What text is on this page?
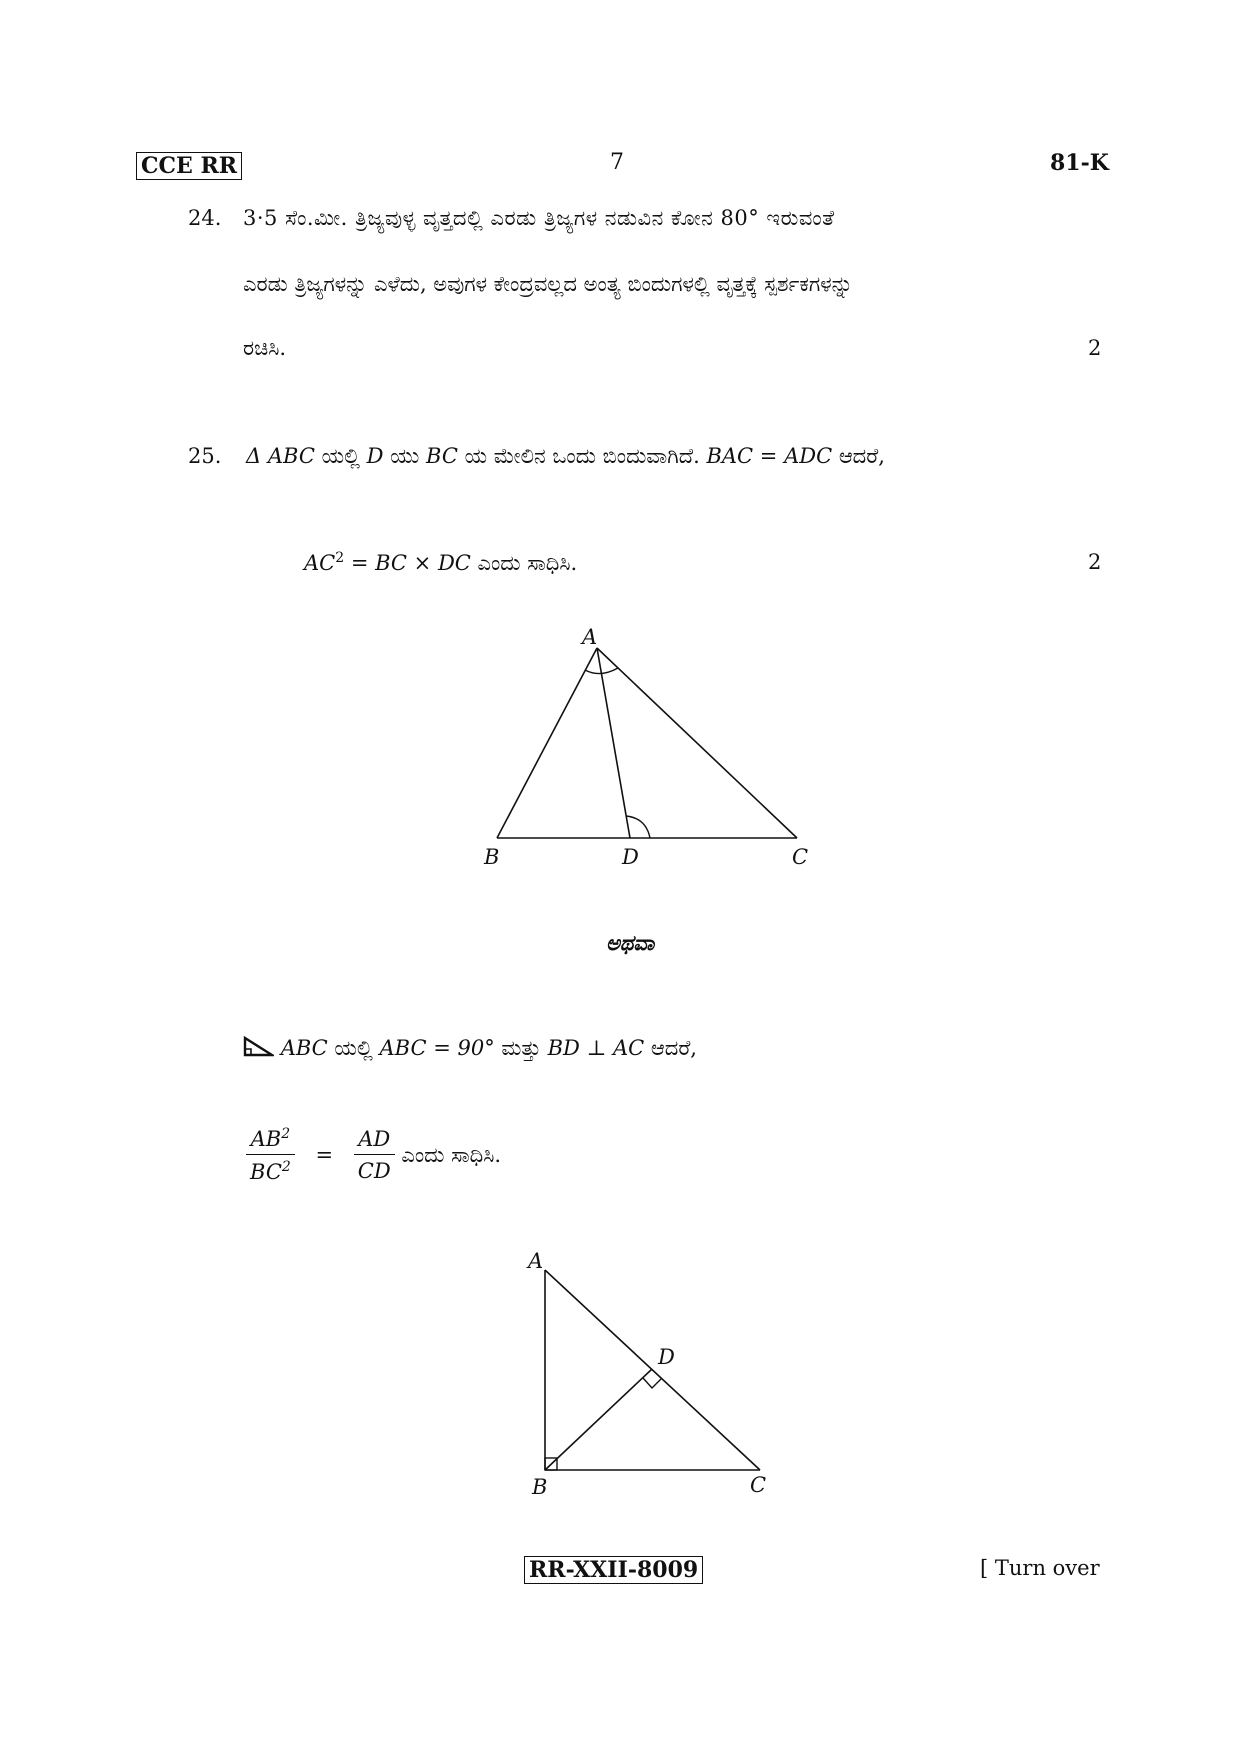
CCE RR	7	81-K
24. 3·5 ಸೆಂ.ಮೀ. ತ್ರಿಜ್ಯವುಳ್ಳ ವೃತ್ತದಲ್ಲಿ ಎರಡು ತ್ರಿಜ್ಯಗಳ ನಡುವಿನ ಕೋನ 80° ಇರುವಂತೆ
ಎರಡು ತ್ರಿಜ್ಯಗಳನ್ನು ಎಳೆದು, ಅವುಗಳ ಕೇಂದ್ರವಲ್ಲದ ಅಂತ್ಯ ಬಿಂದುಗಳಲ್ಲಿ ವೃತ್ತಕ್ಕೆ ಸ್ಪರ್ಶಕಗಳನ್ನು
ರಚಿಸಿ.	2
25. Δ ABC ಯಲ್ಲಿ D ಯು BC ಯ ಮೇಲಿನ ಒಂದು ಬಿಂದುವಾಗಿದೆ. BAC = ADC ಆದರೆ,
$AC^2$ = BC × DC ಎಂದು ಸಾಧಿಸಿ.	2
A
B	D	C
ಅಥವಾ
ABC ಯಲ್ಲಿ ABC = 90° ಮತ್ತು BD ⊥ AC ಆದರೆ,
$\frac{AB^2}{BC^2} = \frac{AD}{CD}$ ಎಂದು ಸಾಧಿಸಿ.
A
D
B	C
RR-XXII-8009	[ Turn over
